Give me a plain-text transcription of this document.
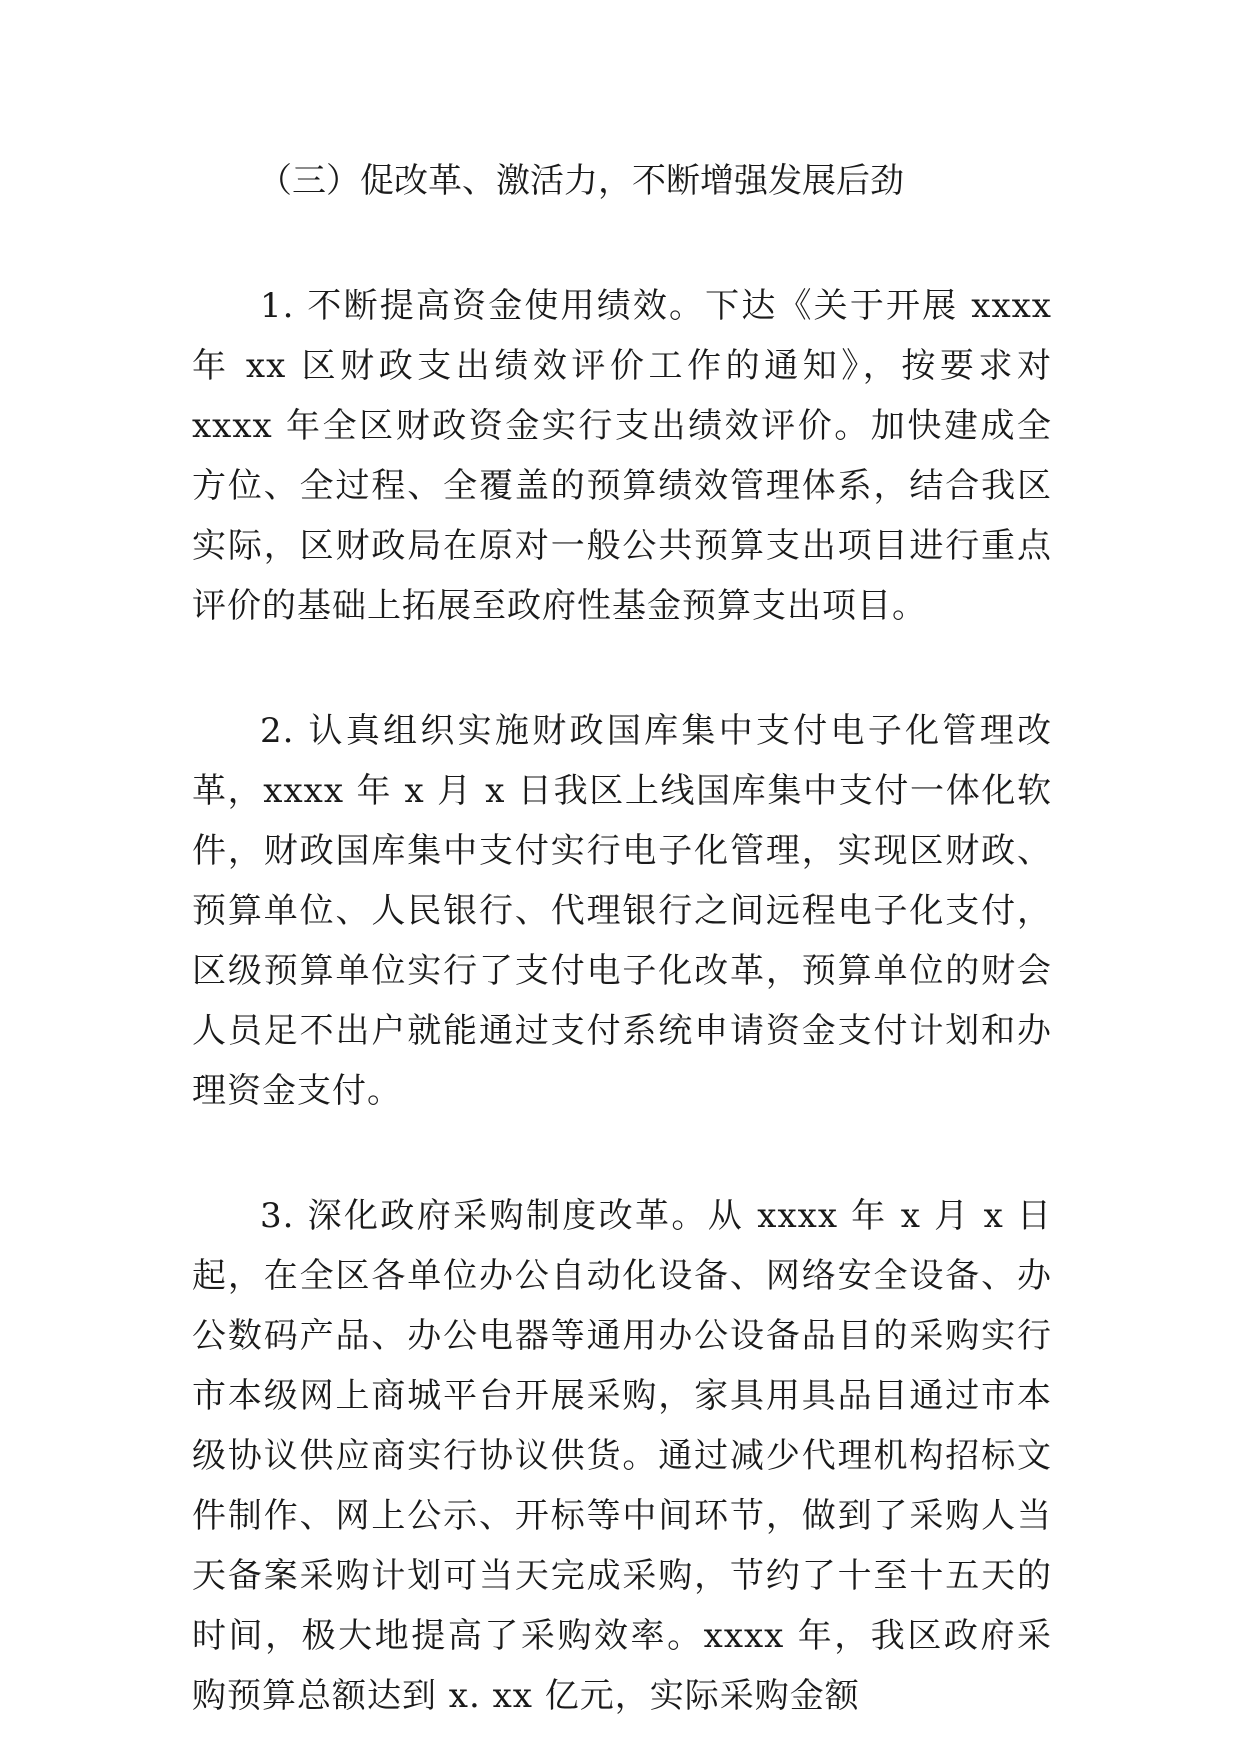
（三）促改革、激活力，不断增强发展后劲

1. 不断提高资金使用绩效。下达《关于开展 xxxx 年 xx 区财政支出绩效评价工作的通知》，按要求对 xxxx 年全区财政资金实行支出绩效评价。加快建成全方位、全过程、全覆盖的预算绩效管理体系，结合我区实际，区财政局在原对一般公共预算支出项目进行重点评价的基础上拓展至政府性基金预算支出项目。

2. 认真组织实施财政国库集中支付电子化管理改革，xxxx 年 x 月 x 日我区上线国库集中支付一体化软件，财政国库集中支付实行电子化管理，实现区财政、预算单位、人民银行、代理银行之间远程电子化支付，区级预算单位实行了支付电子化改革，预算单位的财会人员足不出户就能通过支付系统申请资金支付计划和办理资金支付。

3. 深化政府采购制度改革。从 xxxx 年 x 月 x 日起，在全区各单位办公自动化设备、网络安全设备、办公数码产品、办公电器等通用办公设备品目的采购实行市本级网上商城平台开展采购，家具用具品目通过市本级协议供应商实行协议供货。通过减少代理机构招标文件制作、网上公示、开标等中间环节，做到了采购人当天备案采购计划可当天完成采购，节约了十至十五天的时间，极大地提高了采购效率。xxxx 年，我区政府采购预算总额达到 x. xx 亿元，实际采购金额
